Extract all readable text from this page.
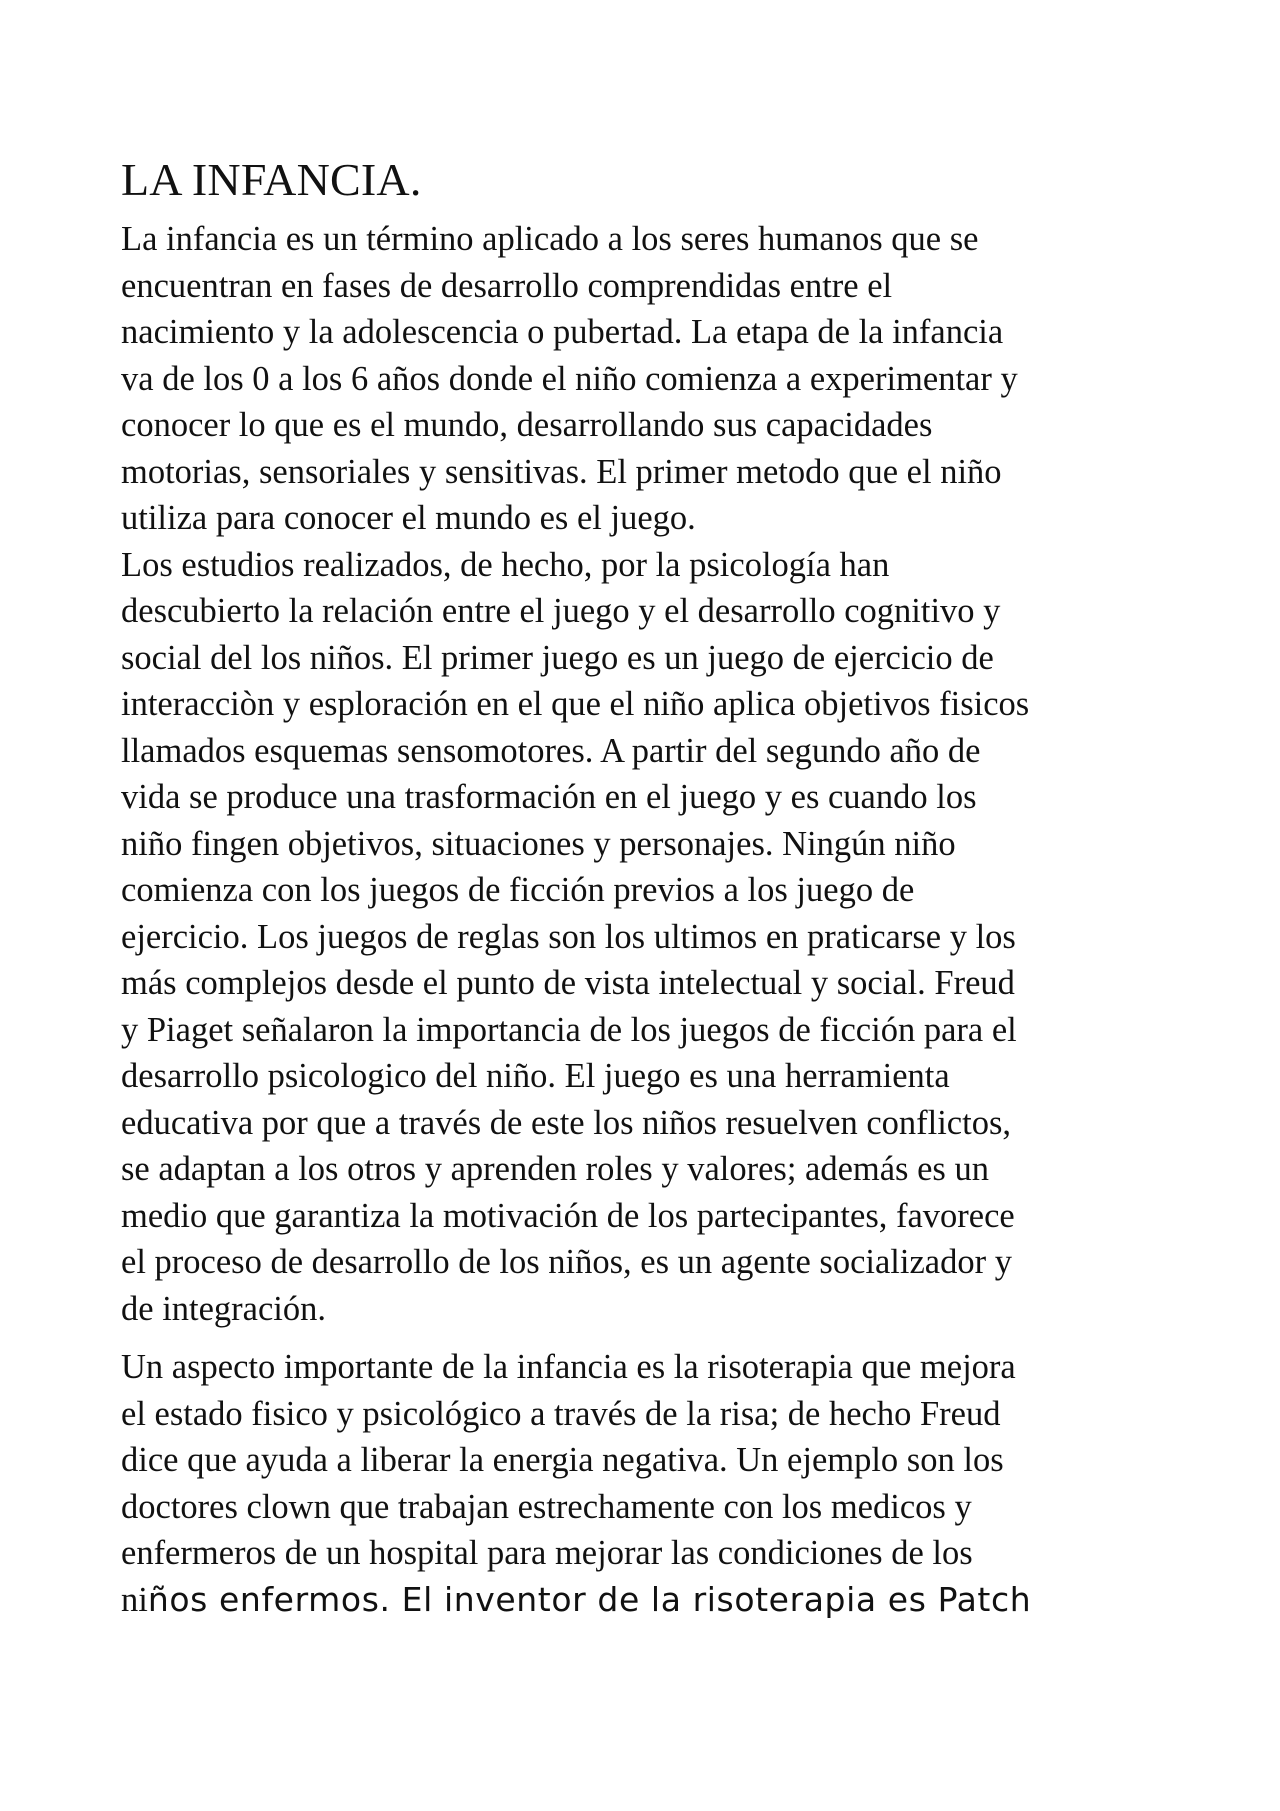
LA INFANCIA.

La infancia es un término aplicado a los seres humanos que se
encuentran en fases de desarrollo comprendidas entre el
nacimiento y la adolescencia o pubertad. La etapa de la infancia
va de los 0 a los 6 años donde el niño comienza a experimentar y
conocer lo que es el mundo, desarrollando sus capacidades
motorias, sensoriales y sensitivas. El primer metodo que el niño
utiliza para conocer el mundo es el juego.

Los estudios realizados, de hecho, por la psicología han
descubierto la relación entre el juego y el desarrollo cognitivo y
social del los niños. El primer juego es un juego de ejercicio de
interacciòn y esploración en el que el niño aplica objetivos fisicos
llamados esquemas sensomotores. A partir del segundo año de
vida se produce una trasformación en el juego y es cuando los
niño fingen objetivos, situaciones y personajes. Ningún niño
comienza con los juegos de ficción previos a los juego de
ejercicio. Los juegos de reglas son los ultimos en praticarse y los
más complejos desde el punto de vista intelectual y social. Freud
y Piaget señalaron la importancia de los juegos de ficción para el
desarrollo psicologico del niño. El juego es una herramienta
educativa por que a través de este los niños resuelven conflictos,
se adaptan a los otros y aprenden roles y valores; además es un
medio que garantiza la motivación de los partecipantes, favorece
el proceso de desarrollo de los niños, es un agente socializador y
de integración.

Un aspecto importante de la infancia es la risoterapia que mejora
el estado fisico y psicológico a través de la risa; de hecho Freud
dice que ayuda a liberar la energia negativa. Un ejemplo son los
doctores clown que trabajan estrechamente con los medicos y
enfermeros de un hospital para mejorar las condiciones de los
niños enfermos. El inventor de la risoterapia es Patch
